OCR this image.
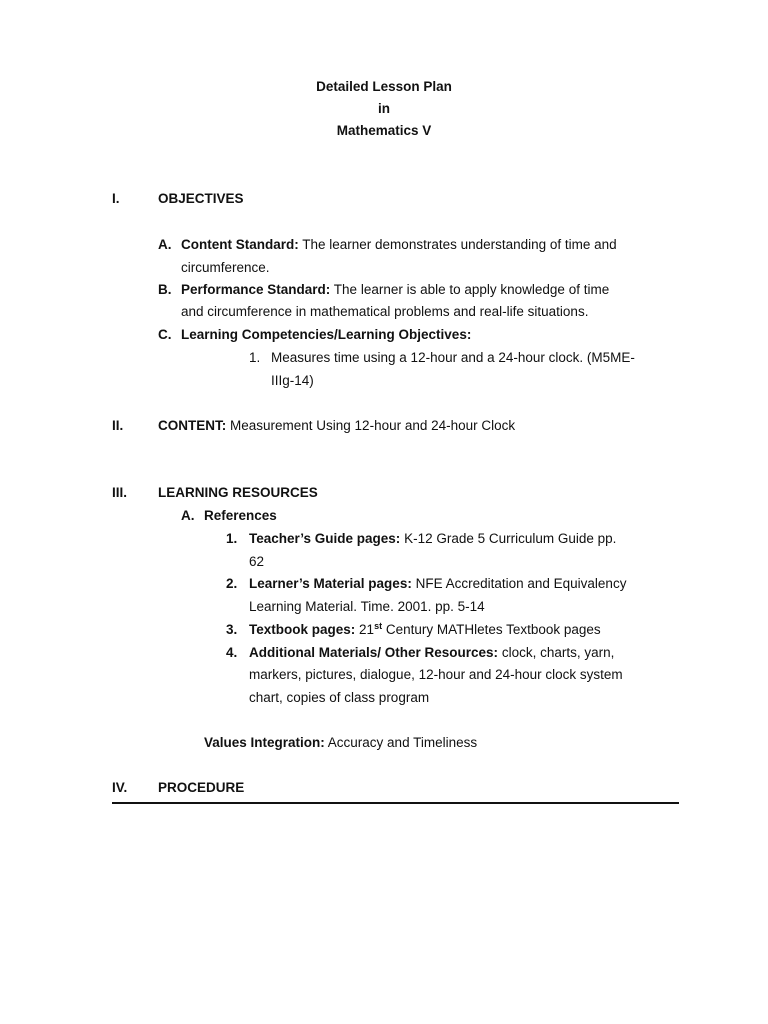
Detailed Lesson Plan
in
Mathematics V
I.	OBJECTIVES
A. Content Standard: The learner demonstrates understanding of time and
circumference.
B. Performance Standard: The learner is able to apply knowledge of time
and circumference in mathematical problems and real-life situations.
C. Learning Competencies/Learning Objectives:
1. Measures time using a 12-hour and a 24-hour clock. (M5ME-
IIIg-14)
II.	CONTENT: Measurement Using 12-hour and 24-hour Clock
III. LEARNING RESOURCES
A. References
1. Teacher’s Guide pages: K-12 Grade 5 Curriculum Guide pp.
62
2. Learner’s Material pages: NFE Accreditation and Equivalency
Learning Material. Time. 2001. pp. 5-14
3. Textbook pages: 21st Century MATHletes Textbook pages
4. Additional Materials/ Other Resources: clock, charts, yarn,
markers, pictures, dialogue, 12-hour and 24-hour clock system
chart, copies of class program
Values Integration: Accuracy and Timeliness
IV. PROCEDURE
